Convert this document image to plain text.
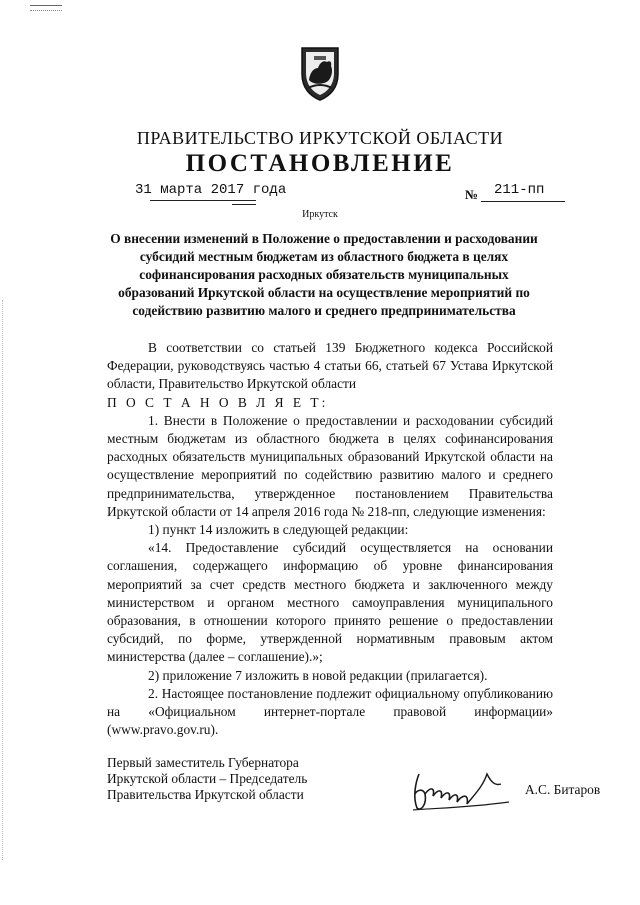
ПРАВИТЕЛЬСТВО ИРКУТСКОЙ ОБЛАСТИ
ПОСТАНОВЛЕНИЕ
31 марта 2017 года	№ 211-пп
Иркутск
О внесении изменений в Положение о предоставлении и расходовании субсидий местным бюджетам из областного бюджета в целях софинансирования расходных обязательств муниципальных образований Иркутской области на осуществление мероприятий по содействию развитию малого и среднего предпринимательства

В соответствии со статьей 139 Бюджетного кодекса Российской Федерации, руководствуясь частью 4 статьи 66, статьей 67 Устава Иркутской области, Правительство Иркутской области

П О С Т А Н О В Л Я Е Т:

1. Внести в Положение о предоставлении и расходовании субсидий местным бюджетам из областного бюджета в целях софинансирования расходных обязательств муниципальных образований Иркутской области на осуществление мероприятий по содействию развитию малого и среднего предпринимательства, утвержденное постановлением Правительства Иркутской области от 14 апреля 2016 года № 218-пп, следующие изменения:

1) пункт 14 изложить в следующей редакции:

«14. Предоставление субсидий осуществляется на основании соглашения, содержащего информацию об уровне финансирования мероприятий за счет средств местного бюджета и заключенного между министерством и органом местного самоуправления муниципального образования, в отношении которого принято решение о предоставлении субсидий, по форме, утвержденной нормативным правовым актом министерства (далее – соглашение).»;

2) приложение 7 изложить в новой редакции (прилагается).

2. Настоящее постановление подлежит официальному опубликованию на «Официальном интернет-портале правовой информации» (www.pravo.gov.ru).

Первый заместитель Губернатора
Иркутской области – Председатель
Правительства Иркутской области	А.С. Битаров
